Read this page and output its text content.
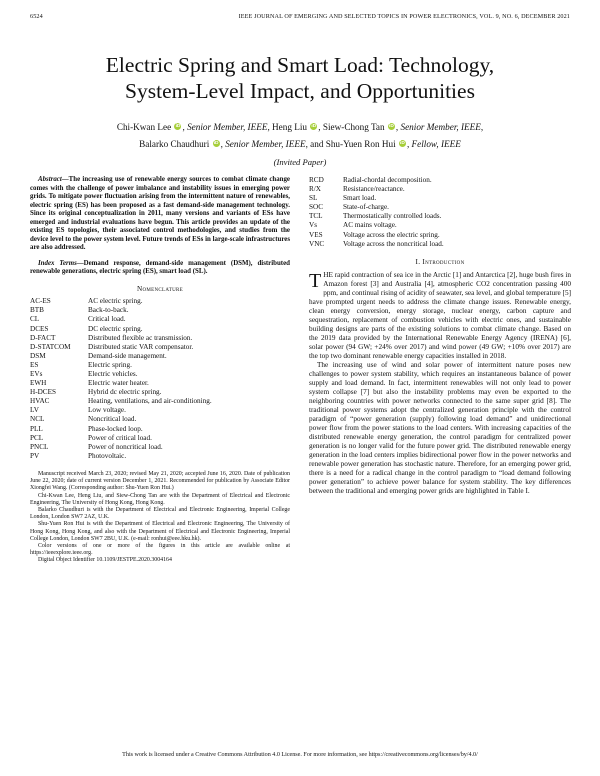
6524	IEEE JOURNAL OF EMERGING AND SELECTED TOPICS IN POWER ELECTRONICS, VOL. 9, NO. 6, DECEMBER 2021
Electric Spring and Smart Load: Technology,
System-Level Impact, and Opportunities
Chi-Kwan Lee iD , Senior Member, IEEE, Heng Liu iD , Siew-Chong Tan iD , Senior Member, IEEE,
Balarko Chaudhuri iD , Senior Member, IEEE, and Shu-Yuen Ron Hui iD , Fellow, IEEE
(Invited Paper)

Abstract—The increasing use of renewable energy sources to combat climate change comes with the challenge of power imbalance and instability issues in emerging power grids. To mitigate power fluctuation arising from the intermittent nature of renewables, electric spring (ES) has been proposed as a fast demand-side management technology. Since its original conceptualization in 2011, many versions and variants of ESs have emerged and industrial evaluations have begun. This article provides an update of the existing ES topologies, their associated control methodologies, and studies from the device level to the power system level. Future trends of ESs in large-scale infrastructures are also addressed.

Index Terms—Demand response, demand-side management (DSM), distributed renewable generations, electric spring (ES), smart load (SL).

Nomenclature
AC-ES	AC electric spring.
BTB	Back-to-back.
CL	Critical load.
DCES	DC electric spring.
D-FACT	Distributed flexible ac transmission.
D-STATCOM	Distributed static VAR compensator.
DSM	Demand-side management.
ES	Electric spring.
EVs	Electric vehicles.
EWH	Electric water heater.
H-DCES	Hybrid dc electric spring.
HVAC	Heating, ventilations, and air-conditioning.
LV	Low voltage.
NCL	Noncritical load.
PLL	Phase-locked loop.
PCL	Power of critical load.
PNCL	Power of noncritical load.
PV	Photovoltaic.

Manuscript received March 23, 2020; revised May 21, 2020; accepted June 16, 2020. Date of publication June 22, 2020; date of current version December 1, 2021. Recommended for publication by Associate Editor Xiongfei Wang. (Corresponding author: Shu-Yuen Ron Hui.)

Chi-Kwan Lee, Heng Liu, and Siew-Chong Tan are with the Department of Electrical and Electronic Engineering, The University of Hong Kong, Hong Kong.

Balarko Chaudhuri is with the Department of Electrical and Electronic Engineering, Imperial College London, London SW7 2AZ, U.K.

Shu-Yuen Ron Hui is with the Department of Electrical and Electronic Engineering, The University of Hong Kong, Hong Kong, and also with the Department of Electrical and Electronic Engineering, Imperial College London, London SW7 2BU, U.K. (e-mail: ronhui@eee.hku.hk).

Color versions of one or more of the figures in this article are available online at https://ieeexplore.ieee.org.

Digital Object Identifier 10.1109/JESTPE.2020.3004164

RCD	Radial-chordal decomposition.
R/X	Resistance/reactance.
SL	Smart load.
SOC	State-of-charge.
TCL	Thermostatically controlled loads.
Vs	AC mains voltage.
VES	Voltage across the electric spring.
VNC	Voltage across the noncritical load.
I. Introduction

THE rapid contraction of sea ice in the Arctic [1] and Antarctica [2], huge bush fires in Amazon forest [3] and Australia [4], atmospheric CO2 concentration passing 400 ppm, and continual rising of acidity of seawater, sea level, and global temperature [5] have prompted urgent needs to address the climate change issues. Renewable energy, clean energy conversion, energy storage, nuclear energy, carbon capture and sequestration, replacement of combustion vehicles with electric ones, and sustainable building designs are parts of the existing solutions to combat climate change. Based on the 2019 data provided by the International Renewable Energy Agency (IRENA) [6], solar power (94 GW; +24% over 2017) and wind power (49 GW; +10% over 2017) are the top two dominant renewable energy capacities installed in 2018.

The increasing use of wind and solar power of intermittent nature poses new challenges to power system stability, which requires an instantaneous balance of power supply and load demand. In fact, intermittent renewables will not only lead to power system collapse [7] but also the instability problems may even be exported to the neighboring countries with power networks connected to the same super grid [8]. The traditional power systems adopt the centralized generation principle with the control paradigm of “power generation (supply) following load demand” and unidirectional power flow from the power stations to the load centers. With increasing capacities of the distributed renewable energy generation, the control paradigm for centralized power generation is no longer valid for the future power grid. The distributed renewable energy generation in the load centers implies bidirectional power flow in the power networks and renewable power generation has stochastic nature. Therefore, for an emerging power grid, there is a need for a radical change in the control paradigm to “load demand following power generation” to achieve power balance for system stability. The key differences between the traditional and emerging power grids are highlighted in Table I.

This work is licensed under a Creative Commons Attribution 4.0 License. For more information, see https://creativecommons.org/licenses/by/4.0/
